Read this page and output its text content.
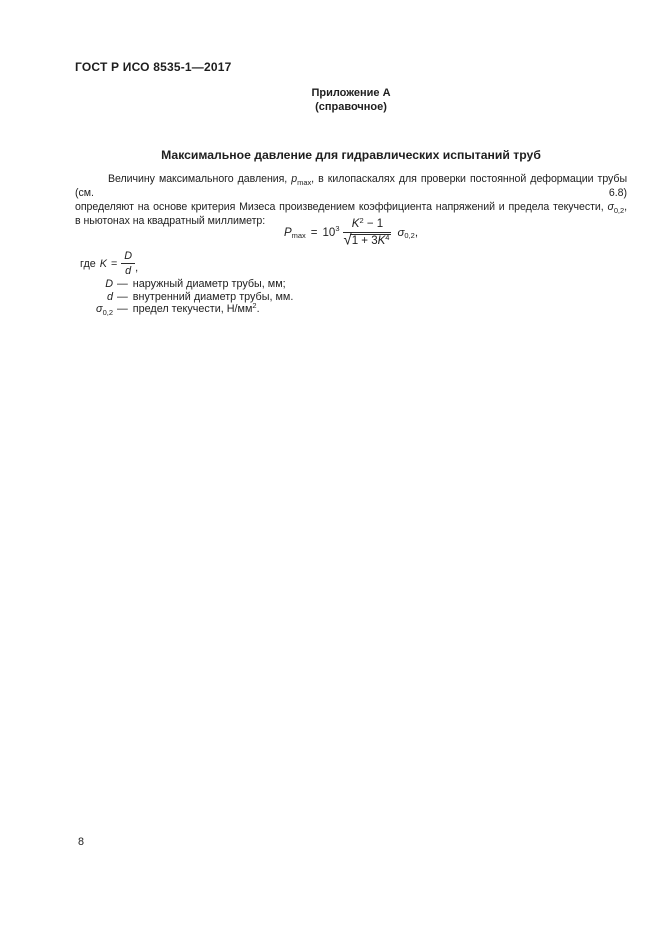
ГОСТ Р ИСО 8535-1—2017
Приложение А
(справочное)
Максимальное давление для гидравлических испытаний труб
Величину максимального давления, $p_{max}$, в килопаскалях для проверки постоянной деформации трубы (см. 6.8)
определяют на основе критерия Мизеса произведением коэффициента напряжений и предела текучести, $\sigma_{0,2}$,
в ньютонах на квадратный миллиметр:
$P_{max} = 10^3 \frac{K^2 - 1}{√ 1 + 3K^4} \sigma_{0,2}$ ,
где $K = \frac{D}{d}$ ,
D — наружный диаметр трубы, мм;
d — внутренний диаметр трубы, мм.
$\sigma_{0,2}$ — предел текучести, $Н/мм^2$.
8
